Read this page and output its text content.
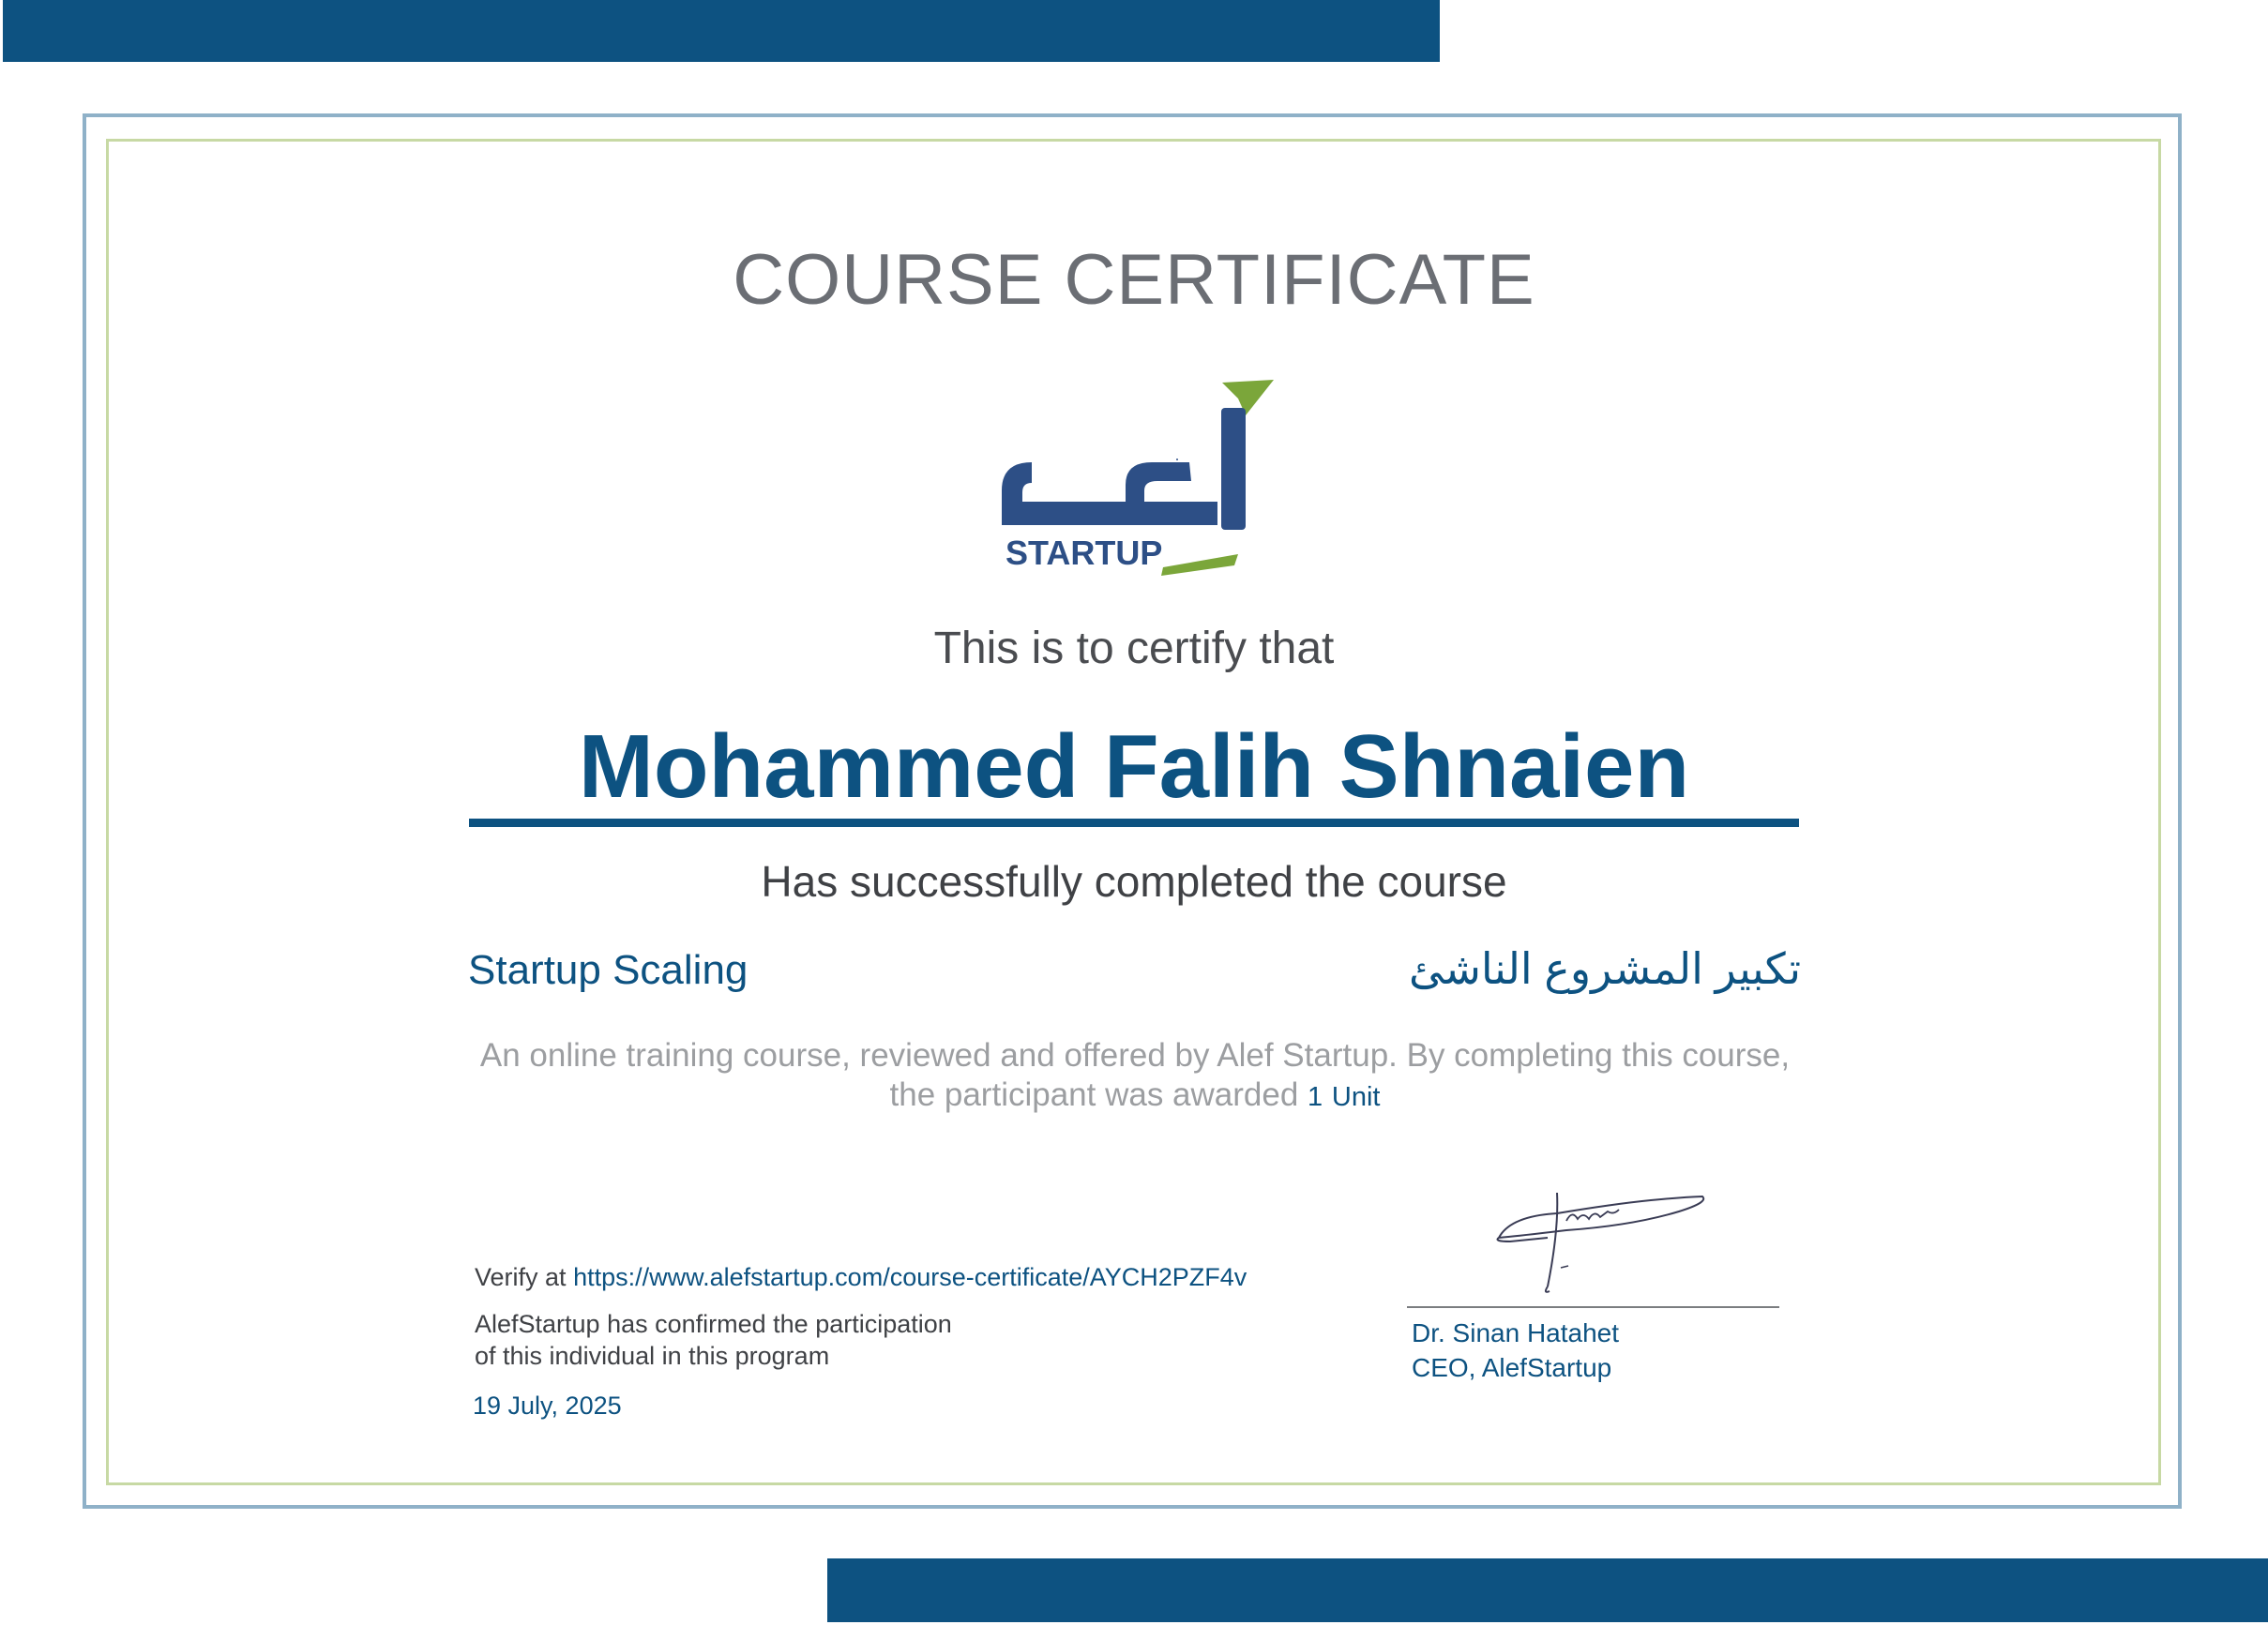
COURSE CERTIFICATE
STARTUP
This is to certify that
Mohammed Falih Shnaien
Has successfully completed the course
Startup Scaling	تكبير المشروع الناشئ
An online training course, reviewed and offered by Alef Startup. By completing this course,
the participant was awarded 1 Unit
Verify at https://www.alefstartup.com/course-certificate/AYCH2PZF4v
AlefStartup has confirmed the participation
of this individual in this program
19 July, 2025
Dr. Sinan Hatahet
CEO, AlefStartup
